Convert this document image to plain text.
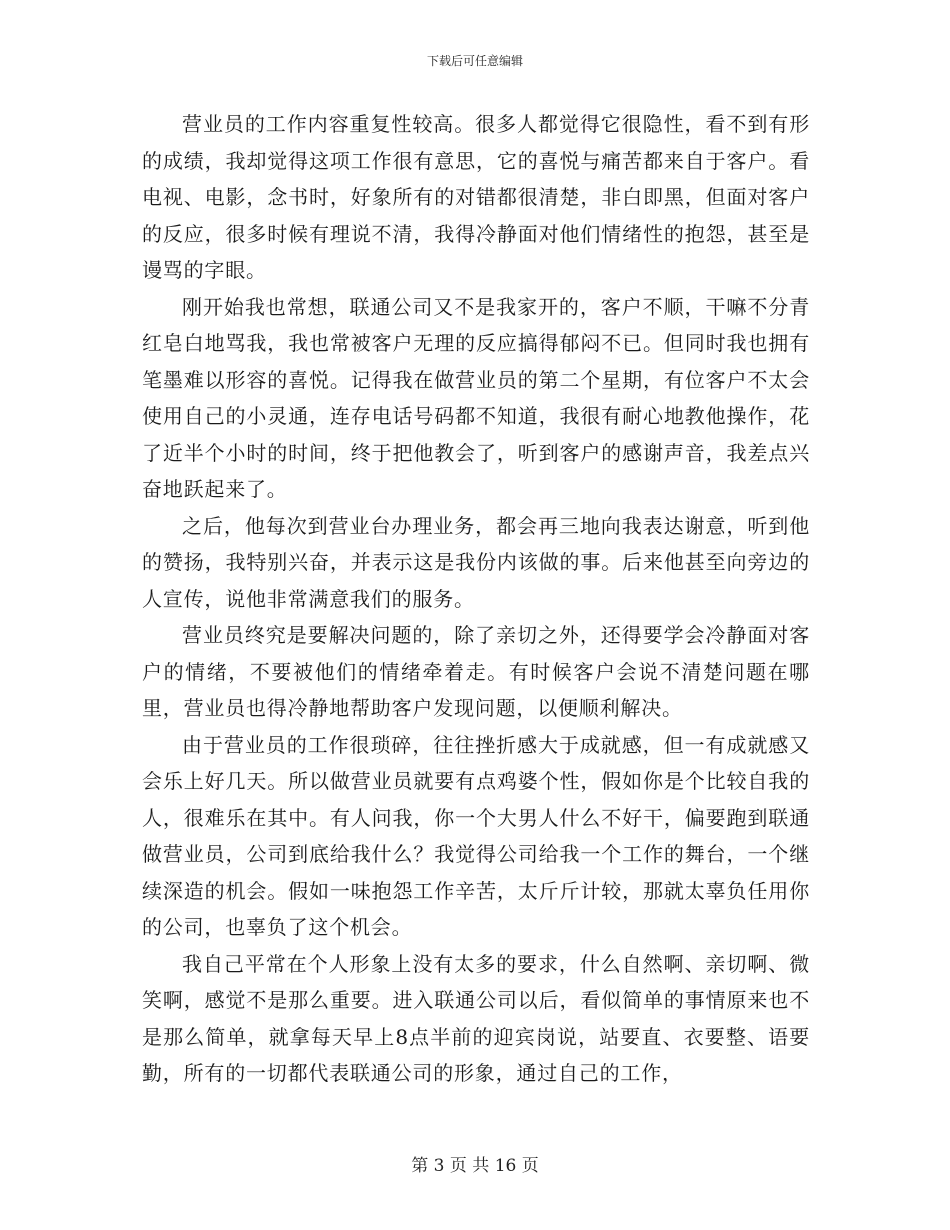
下载后可任意编辑

营业员的工作内容重复性较高。很多人都觉得它很隐性，看不到有形的成绩，我却觉得这项工作很有意思，它的喜悦与痛苦都来自于客户。看电视、电影，念书时，好象所有的对错都很清楚，非白即黑，但面对客户的反应，很多时候有理说不清，我得冷静面对他们情绪性的抱怨，甚至是谩骂的字眼。

刚开始我也常想，联通公司又不是我家开的，客户不顺，干嘛不分青红皂白地骂我，我也常被客户无理的反应搞得郁闷不已。但同时我也拥有笔墨难以形容的喜悦。记得我在做营业员的第二个星期，有位客户不太会使用自己的小灵通，连存电话号码都不知道，我很有耐心地教他操作，花了近半个小时的时间，终于把他教会了，听到客户的感谢声音，我差点兴奋地跃起来了。

之后，他每次到营业台办理业务，都会再三地向我表达谢意，听到他的赞扬，我特别兴奋，并表示这是我份内该做的事。后来他甚至向旁边的人宣传，说他非常满意我们的服务。

营业员终究是要解决问题的，除了亲切之外，还得要学会冷静面对客户的情绪，不要被他们的情绪牵着走。有时候客户会说不清楚问题在哪里，营业员也得冷静地帮助客户发现问题，以便顺利解决。

由于营业员的工作很琐碎，往往挫折感大于成就感，但一有成就感又会乐上好几天。所以做营业员就要有点鸡婆个性，假如你是个比较自我的人，很难乐在其中。有人问我，你一个大男人什么不好干，偏要跑到联通做营业员，公司到底给我什么？我觉得公司给我一个工作的舞台，一个继续深造的机会。假如一味抱怨工作辛苦，太斤斤计较，那就太辜负任用你的公司，也辜负了这个机会。

我自己平常在个人形象上没有太多的要求，什么自然啊、亲切啊、微笑啊，感觉不是那么重要。进入联通公司以后，看似简单的事情原来也不是那么简单，就拿每天早上8点半前的迎宾岗说，站要直、衣要整、语要勤，所有的一切都代表联通公司的形象，通过自己的工作，

第 3 页 共 16 页
